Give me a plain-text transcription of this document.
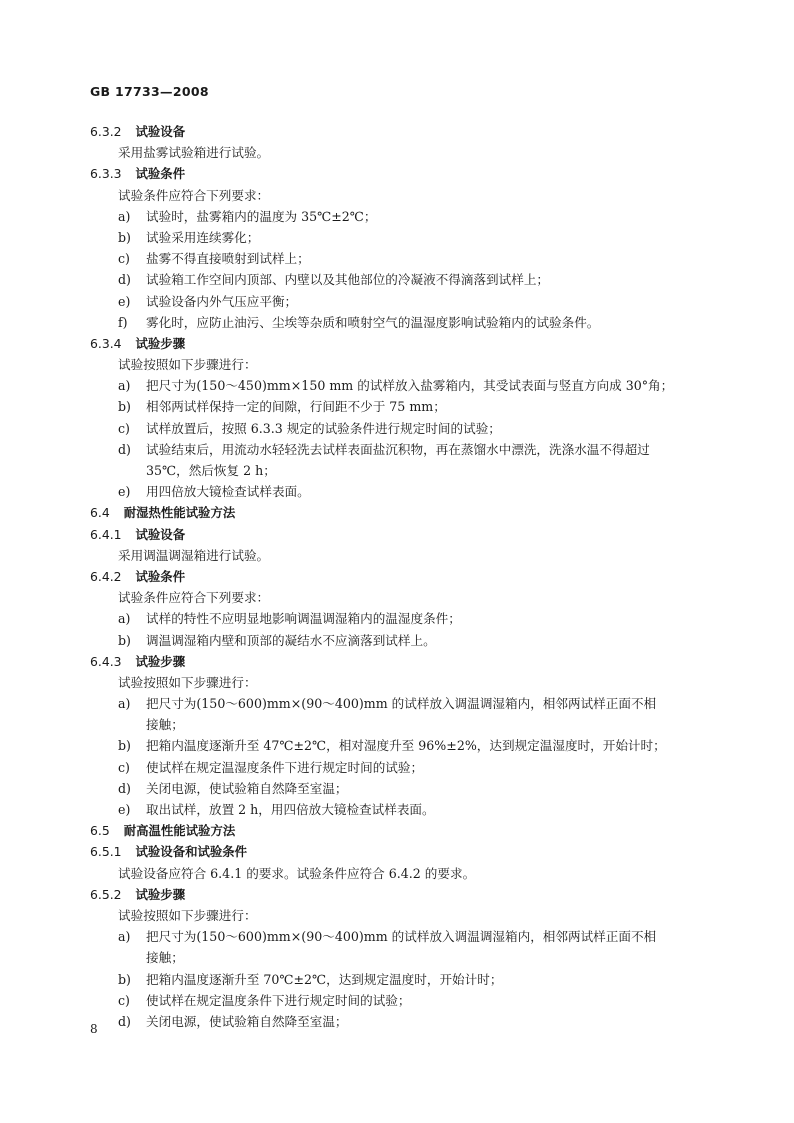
GB 17733—2008
6.3.2 试验设备
采用盐雾试验箱进行试验。
6.3.3 试验条件
试验条件应符合下列要求：
a) 试验时，盐雾箱内的温度为 35℃±2℃；
b) 试验采用连续雾化；
c) 盐雾不得直接喷射到试样上；
d) 试验箱工作空间内顶部、内壁以及其他部位的冷凝液不得滴落到试样上；
e) 试验设备内外气压应平衡；
f) 雾化时，应防止油污、尘埃等杂质和喷射空气的温湿度影响试验箱内的试验条件。
6.3.4 试验步骤
试验按照如下步骤进行：
a) 把尺寸为(150～450)mm×150 mm 的试样放入盐雾箱内，其受试表面与竖直方向成 30°角；
b) 相邻两试样保持一定的间隙，行间距不少于 75 mm；
c) 试样放置后，按照 6.3.3 规定的试验条件进行规定时间的试验；
d) 试验结束后，用流动水轻轻洗去试样表面盐沉积物，再在蒸馏水中漂洗，洗涤水温不得超过
35℃，然后恢复 2 h；
e) 用四倍放大镜检查试样表面。
6.4 耐湿热性能试验方法
6.4.1 试验设备
采用调温调湿箱进行试验。
6.4.2 试验条件
试验条件应符合下列要求：
a) 试样的特性不应明显地影响调温调湿箱内的温湿度条件；
b) 调温调湿箱内壁和顶部的凝结水不应滴落到试样上。
6.4.3 试验步骤
试验按照如下步骤进行：
a) 把尺寸为(150～600)mm×(90～400)mm 的试样放入调温调湿箱内，相邻两试样正面不相
接触；
b) 把箱内温度逐渐升至 47℃±2℃，相对湿度升至 96%±2%，达到规定温湿度时，开始计时；
c) 使试样在规定温湿度条件下进行规定时间的试验；
d) 关闭电源，使试验箱自然降至室温；
e) 取出试样，放置 2 h，用四倍放大镜检查试样表面。
6.5 耐高温性能试验方法
6.5.1 试验设备和试验条件
试验设备应符合 6.4.1 的要求。试验条件应符合 6.4.2 的要求。
6.5.2 试验步骤
试验按照如下步骤进行：
a) 把尺寸为(150～600)mm×(90～400)mm 的试样放入调温调湿箱内，相邻两试样正面不相
接触；
b) 把箱内温度逐渐升至 70℃±2℃，达到规定温度时，开始计时；
c) 使试样在规定温度条件下进行规定时间的试验；
d) 关闭电源，使试验箱自然降至室温；
8
